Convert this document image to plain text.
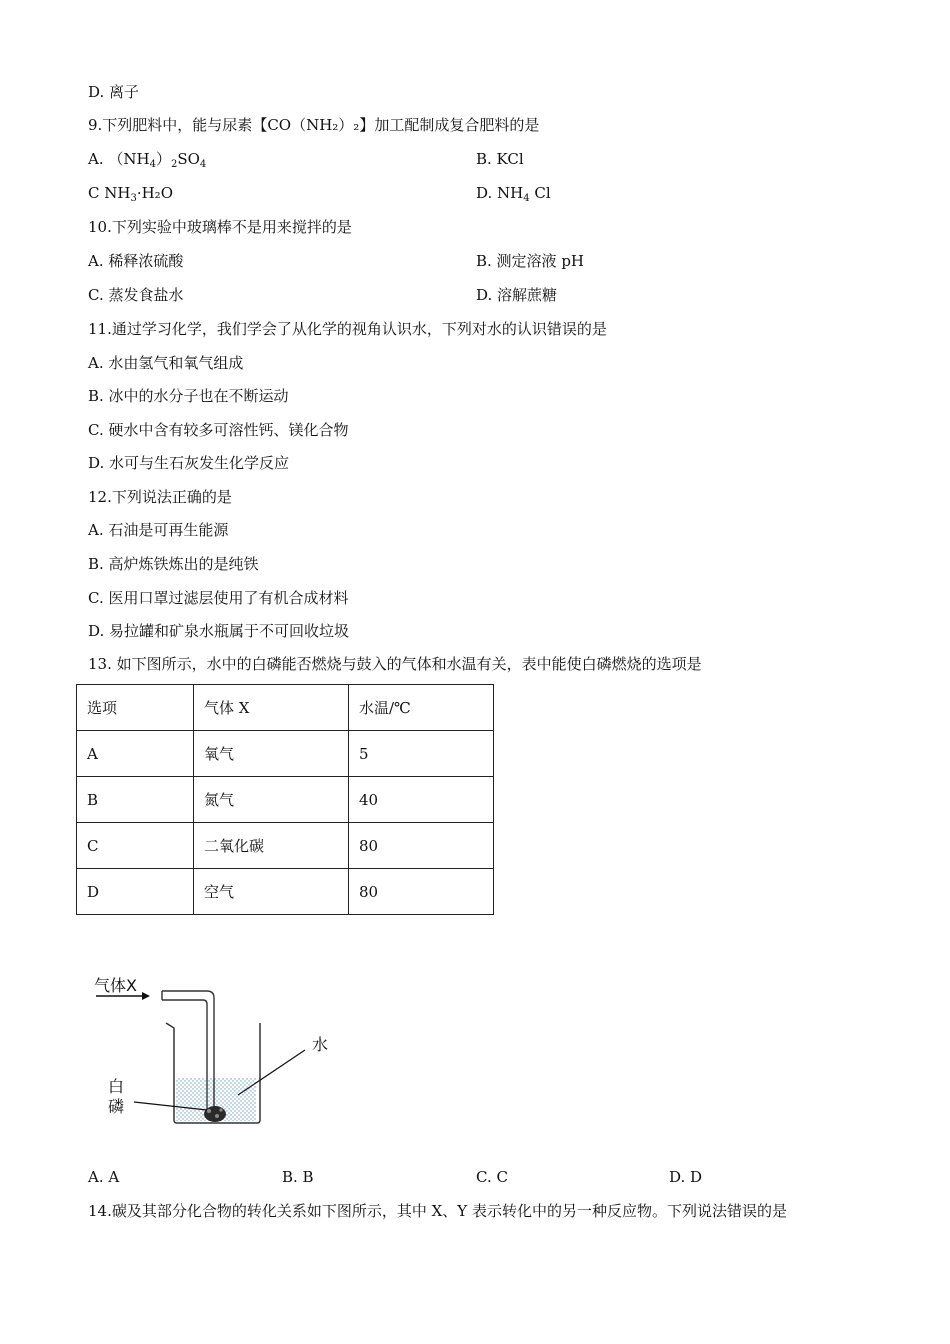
D. 离子
9.下列肥料中，能与尿素【CO（NH₂）₂】加工配制成复合肥料的是
A. $(NH_4)_2SO_4$	B. KCl
C $NH_3\cdot H_2O$	D. $NH_4$ Cl
10.下列实验中玻璃棒不是用来搅拌的是
A. 稀释浓硫酸	B. 测定溶液 pH
C. 蒸发食盐水	D. 溶解蔗糖
11.通过学习化学，我们学会了从化学的视角认识水，下列对水的认识错误的是
A. 水由氢气和氧气组成
B. 冰中的水分子也在不断运动
C. 硬水中含有较多可溶性钙、镁化合物
D. 水可与生石灰发生化学反应
12.下列说法正确的是
A. 石油是可再生能源
B. 高炉炼铁炼出的是纯铁
C. 医用口罩过滤层使用了有机合成材料
D. 易拉罐和矿泉水瓶属于不可回收垃圾
13. 如下图所示，水中的白磷能否燃烧与鼓入的气体和水温有关，表中能使白磷燃烧的选项是
选项	气体 X	水温/℃
A	氧气	5
B	氮气	40
C	二氧化碳	80
D	空气	80
气体X
水
白
磷
A. A	B. B	C. C	D. D
14.碳及其部分化合物的转化关系如下图所示，其中 X、Y 表示转化中的另一种反应物。下列说法错误的是
